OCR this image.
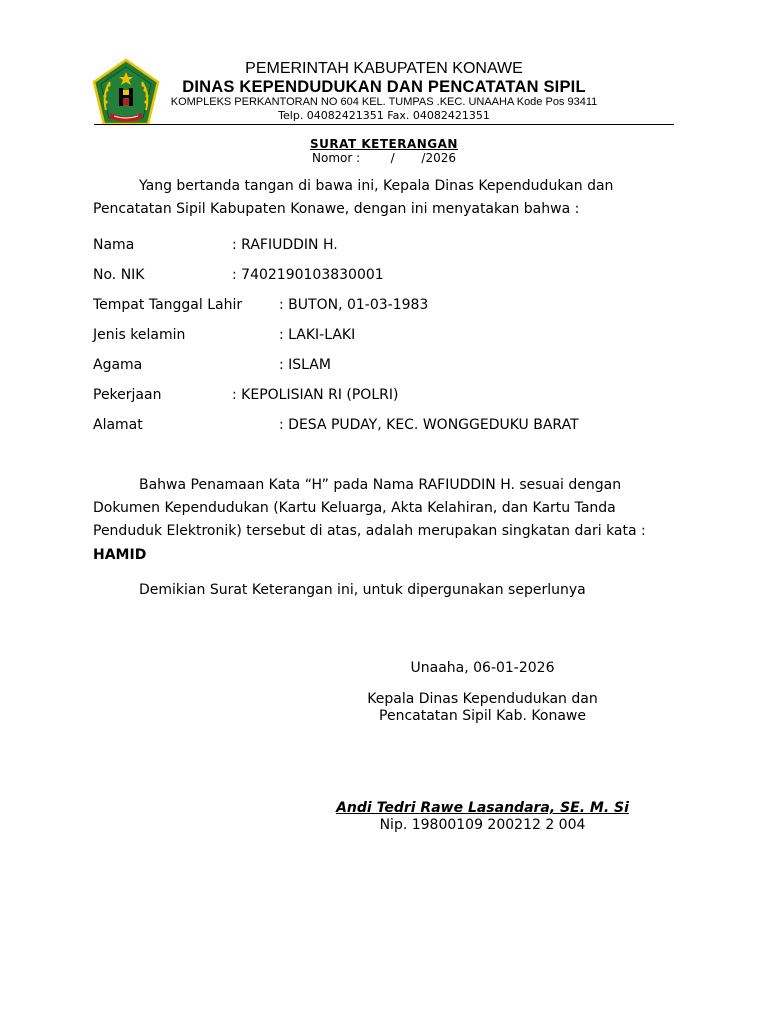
PEMERINTAH KABUPATEN KONAWE
DINAS KEPENDUDUKAN DAN PENCATATAN SIPIL
KOMPLEKS PERKANTORAN NO 604 KEL. TUMPAS .KEC. UNAAHA Kode Pos 93411
Telp. 04082421351 Fax. 04082421351
SURAT KETERANGAN
Nomor :        /       /2026
Yang bertanda tangan di bawa ini, Kepala Dinas Kependudukan dan
Pencatatan Sipil Kabupaten Konawe, dengan ini menyatakan bahwa :
Nama	: RAFIUDDIN H.
No. NIK	: 7402190103830001
Tempat Tanggal Lahir	: BUTON, 01-03-1983
Jenis kelamin	: LAKI-LAKI
Agama	: ISLAM
Pekerjaan	: KEPOLISIAN RI (POLRI)
Alamat	: DESA PUDAY, KEC. WONGGEDUKU BARAT
Bahwa Penamaan Kata “H” pada Nama RAFIUDDIN H. sesuai dengan
Dokumen Kependudukan (Kartu Keluarga, Akta Kelahiran, dan Kartu Tanda
Penduduk Elektronik) tersebut di atas, adalah merupakan singkatan dari kata :
HAMID
Demikian Surat Keterangan ini, untuk dipergunakan seperlunya
Unaaha, 06-01-2026
Kepala Dinas Kependudukan dan
Pencatatan Sipil Kab. Konawe
Andi Tedri Rawe Lasandara, SE. M. Si
Nip. 19800109 200212 2 004
